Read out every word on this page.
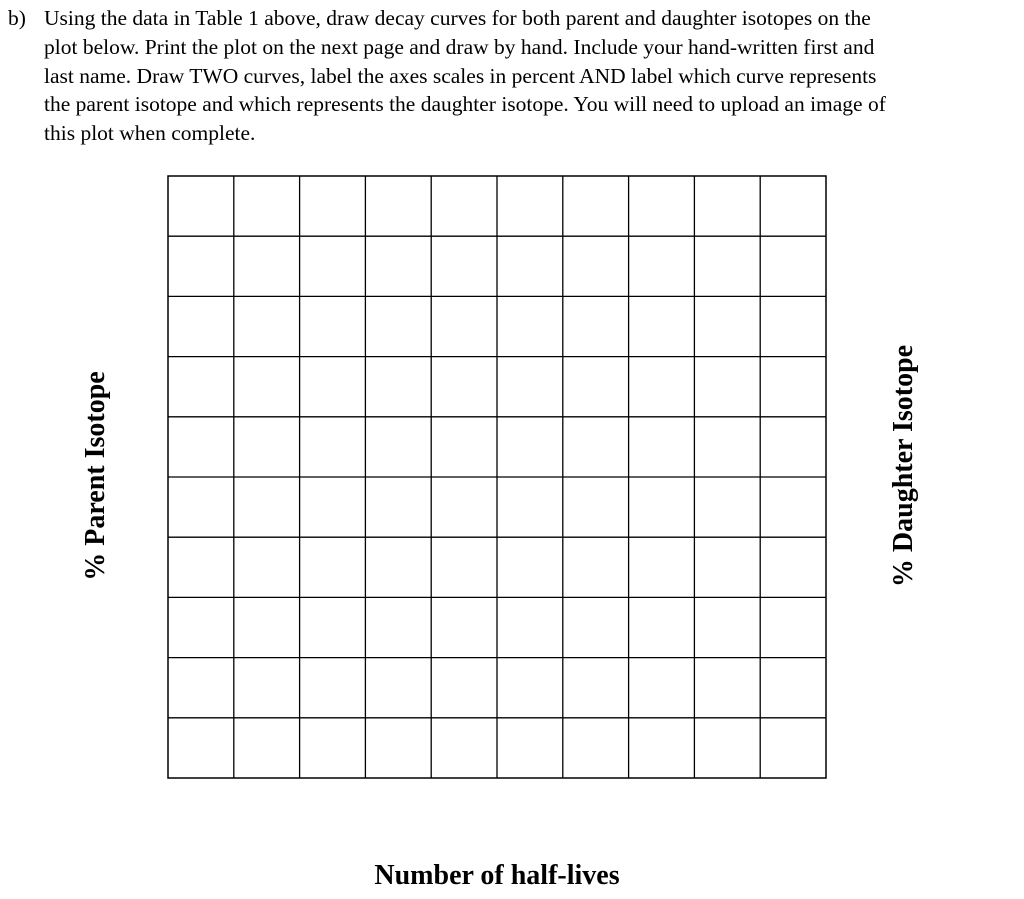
b) Using the data in Table 1 above, draw decay curves for both parent and daughter isotopes on the
plot below. Print the plot on the next page and draw by hand. Include your hand-written first and
last name. Draw TWO curves, label the axes scales in percent AND label which curve represents
the parent isotope and which represents the daughter isotope. You will need to upload an image of
this plot when complete.

% Parent Isotope	% Daughter Isotope
Number of half-lives
